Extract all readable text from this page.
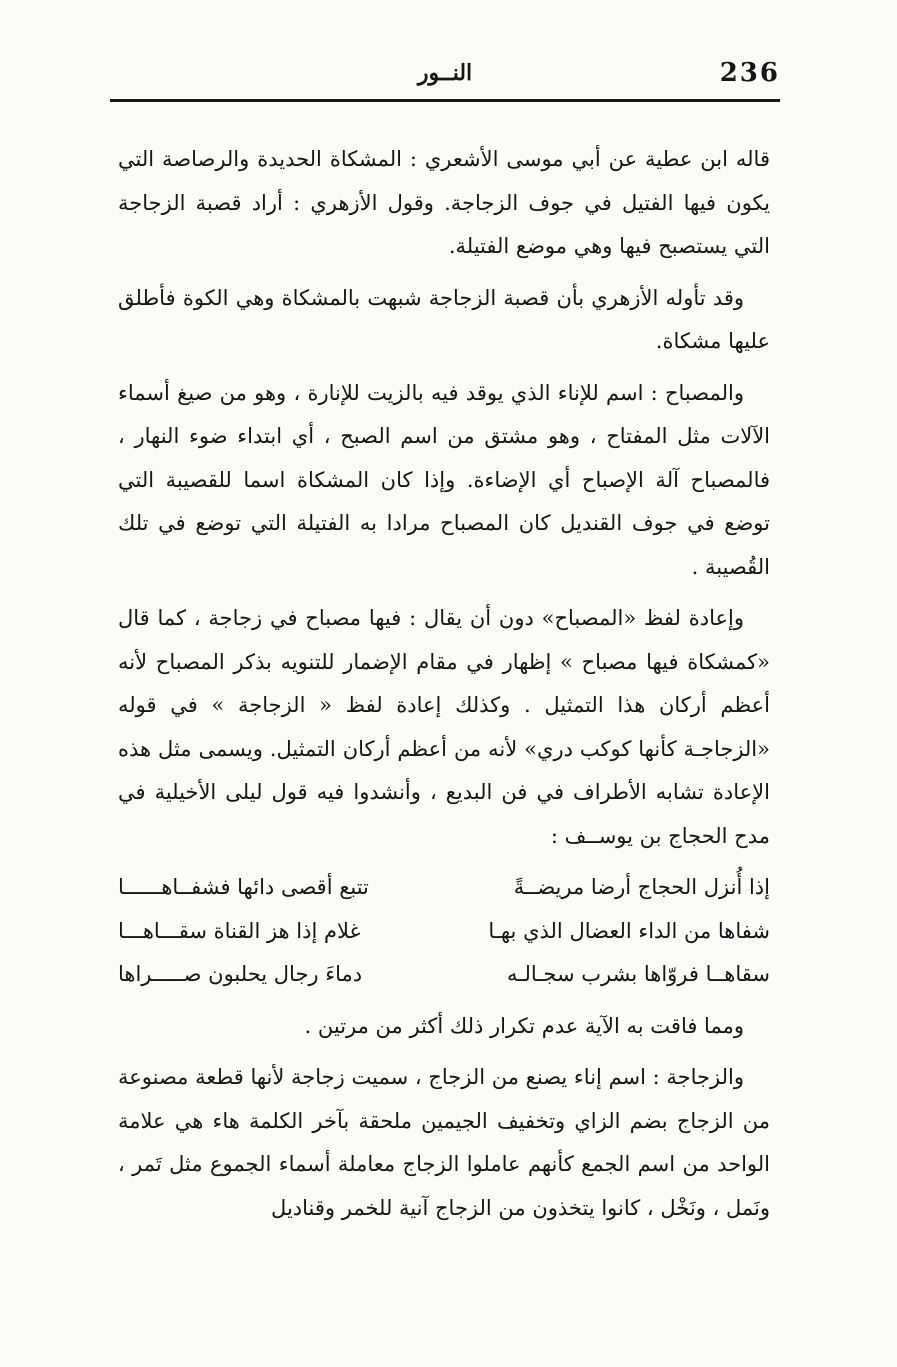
236
النــور

قاله ابن عطية عن أبي موسى الأشعري : المشكاة الحديدة والرصاصة التي يكون فيها الفتيل في جوف الزجاجة. وقول الأزهري : أراد قصبة الزجاجة التي يستصبح فيها وهي موضع الفتيلة.

وقد تأوله الأزهري بأن قصبة الزجاجة شبهت بالمشكاة وهي الكوة فأطلق عليها مشكاة.

والمصباح : اسم للإناء الذي يوقد فيه بالزيت للإنارة ، وهو من صيغ أسماء الآلات مثل المفتاح ، وهو مشتق من اسم الصبح ، أي ابتداء ضوء النهار ، فالمصباح آلة الإصباح أي الإضاءة. وإذا كان المشكاة اسما للقصيبة التي توضع في جوف القنديل كان المصباح مرادا به الفتيلة التي توضع في تلك القُصيبة .

وإعادة لفظ «المصباح» دون أن يقال : فيها مصباح في زجاجة ، كما قال «كمشكاة فيها مصباح » إظهار في مقام الإضمار للتنويه بذكر المصباح لأنه أعظم أركان هذا التمثيل . وكذلك إعادة لفظ « الزجاجة » في قوله «الزجاجـة كأنها كوكب دري» لأنه من أعظم أركان التمثيل. ويسمى مثل هذه الإعادة تشابه الأطراف في فن البديع ، وأنشدوا فيه قول ليلى الأخيلية في مدح الحجاج بن يوســف :

إذا أُنزل الحجاج أرضا مريضــةً
تتبع أقصى دائها فشفــاهــــــا
شفاها من الداء العضال الذي بهـا
غلام إذا هز القناة سقـــاهـــا
سقاهــا فروّاها بشرب سجـالـه
دماءَ رجال يحلبون صـــــراها

ومما فاقت به الآية عدم تكرار ذلك أكثر من مرتين .

والزجاجة : اسم إناء يصنع من الزجاج ، سميت زجاجة لأنها قطعة مصنوعة من الزجاج بضم الزاي وتخفيف الجيمين ملحقة بآخر الكلمة هاء هي علامة الواحد من اسم الجمع كأنهم عاملوا الزجاج معاملة أسماء الجموع مثل تَمر ، ونَمل ، ونَخْل ، كانوا يتخذون من الزجاج آنية للخمر وقناديل
